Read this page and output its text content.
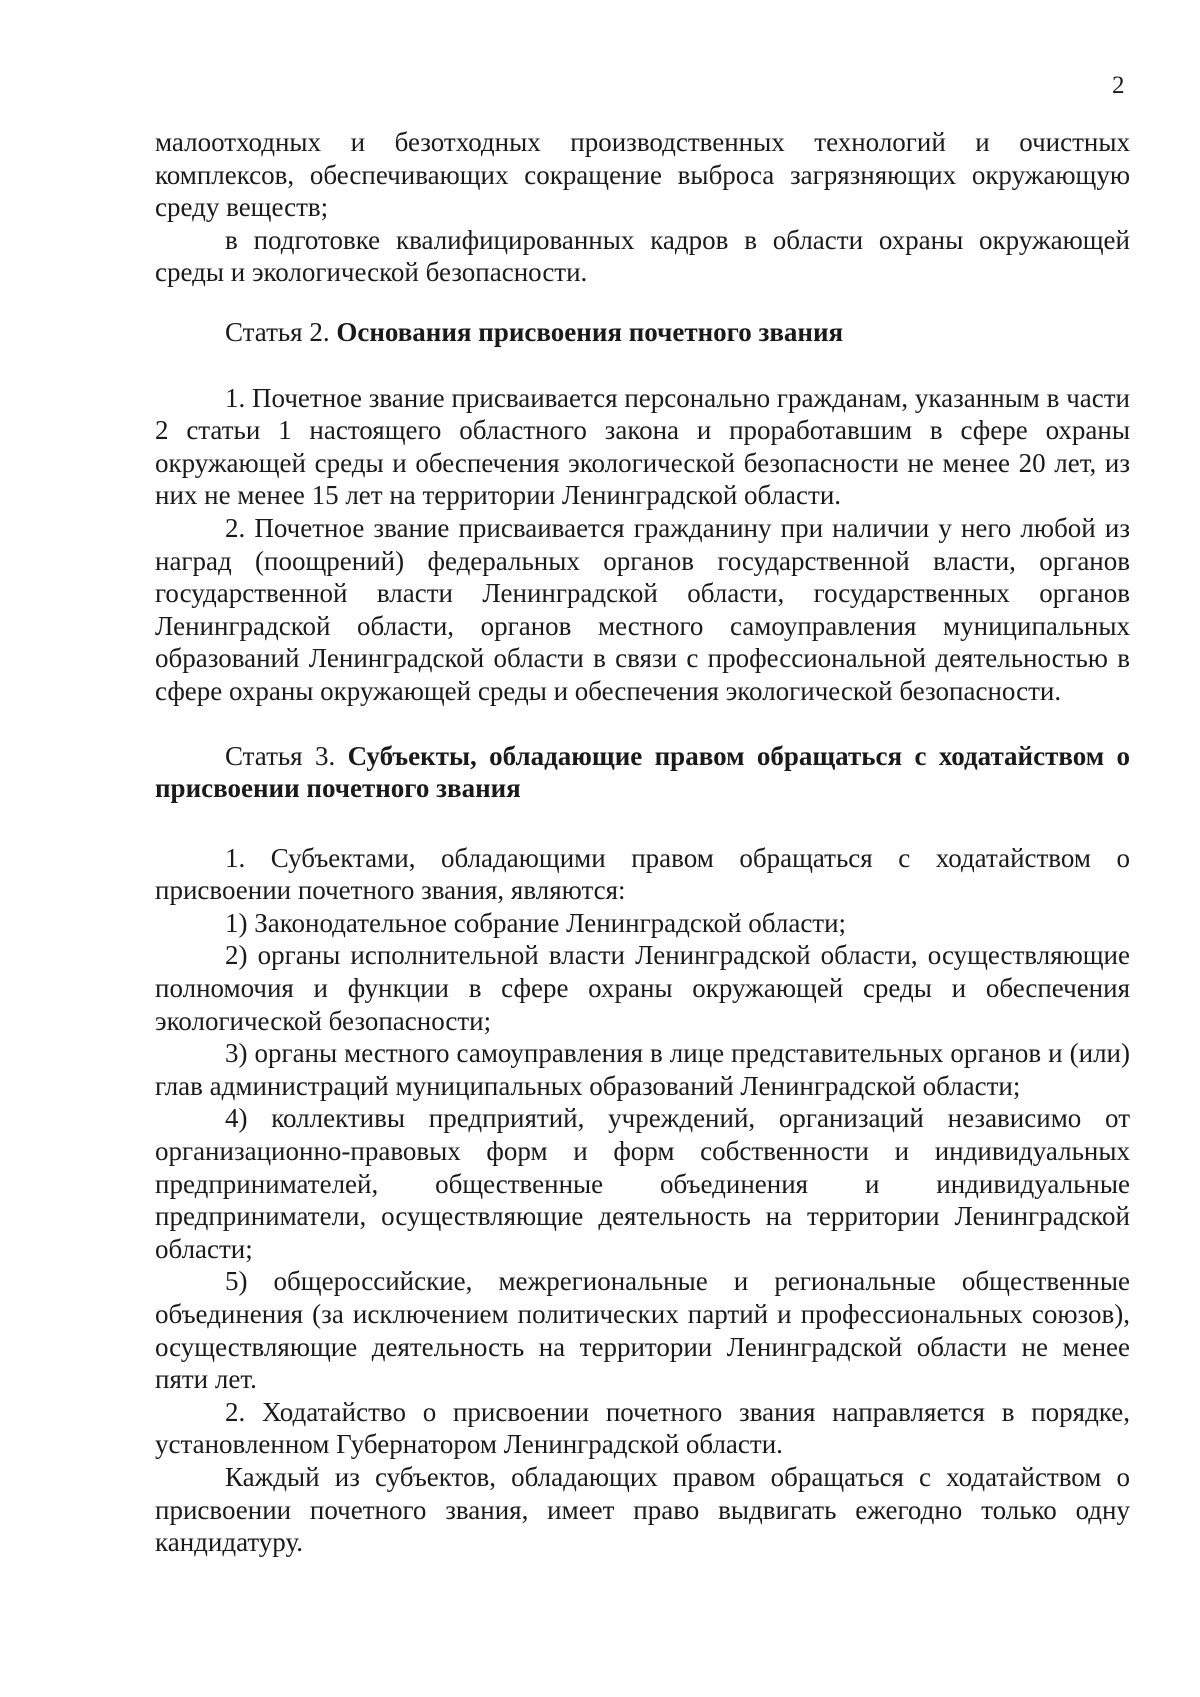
2

малоотходных и безотходных производственных технологий и очистных комплексов, обеспечивающих сокращение выброса загрязняющих окружающую среду веществ;

в подготовке квалифицированных кадров в области охраны окружающей среды и экологической безопасности.

Статья 2. Основания присвоения почетного звания

1. Почетное звание присваивается персонально гражданам, указанным в части 2 статьи 1 настоящего областного закона и проработавшим в сфере охраны окружающей среды и обеспечения экологической безопасности не менее 20 лет, из них не менее 15 лет на территории Ленинградской области.

2. Почетное звание присваивается гражданину при наличии у него любой из наград (поощрений) федеральных органов государственной власти, органов государственной власти Ленинградской области, государственных органов Ленинградской области, органов местного самоуправления муниципальных образований Ленинградской области в связи с профессиональной деятельностью в сфере охраны окружающей среды и обеспечения экологической безопасности.

Статья 3. Субъекты, обладающие правом обращаться с ходатайством о присвоении почетного звания

1. Субъектами, обладающими правом обращаться с ходатайством о присвоении почетного звания, являются:

1) Законодательное собрание Ленинградской области;

2) органы исполнительной власти Ленинградской области, осуществляющие полномочия и функции в сфере охраны окружающей среды и обеспечения экологической безопасности;

3) органы местного самоуправления в лице представительных органов и (или) глав администраций муниципальных образований Ленинградской области;

4) коллективы предприятий, учреждений, организаций независимо от организационно-правовых форм и форм собственности и индивидуальных предпринимателей, общественные объединения и индивидуальные предприниматели, осуществляющие деятельность на территории Ленинградской области;

5) общероссийские, межрегиональные и региональные общественные объединения (за исключением политических партий и профессиональных союзов), осуществляющие деятельность на территории Ленинградской области не менее пяти лет.

2. Ходатайство о присвоении почетного звания направляется в порядке, установленном Губернатором Ленинградской области.

Каждый из субъектов, обладающих правом обращаться с ходатайством о присвоении почетного звания, имеет право выдвигать ежегодно только одну кандидатуру.
